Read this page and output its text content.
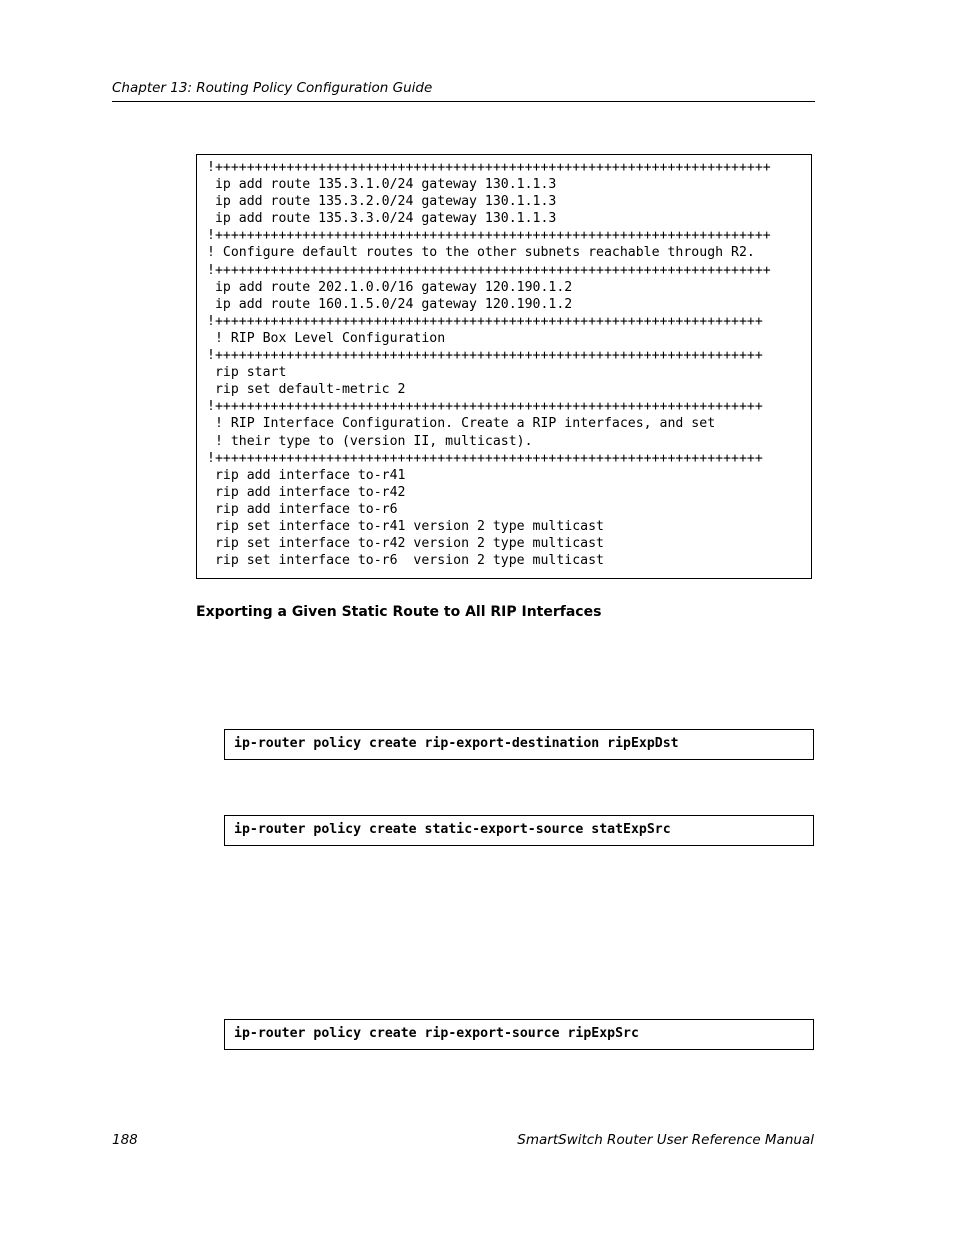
Chapter 13: Routing Policy Configuration Guide
!++++++++++++++++++++++++++++++++++++++++++++++++++++++++++++++++++++++
ip add route 135.3.1.0/24 gateway 130.1.1.3
ip add route 135.3.2.0/24 gateway 130.1.1.3
ip add route 135.3.3.0/24 gateway 130.1.1.3
!++++++++++++++++++++++++++++++++++++++++++++++++++++++++++++++++++++++
! Configure default routes to the other subnets reachable through R2.
!++++++++++++++++++++++++++++++++++++++++++++++++++++++++++++++++++++++
ip add route 202.1.0.0/16 gateway 120.190.1.2
ip add route 160.1.5.0/24 gateway 120.190.1.2
!+++++++++++++++++++++++++++++++++++++++++++++++++++++++++++++++++++++
! RIP Box Level Configuration
!+++++++++++++++++++++++++++++++++++++++++++++++++++++++++++++++++++++
rip start
rip set default-metric 2
!+++++++++++++++++++++++++++++++++++++++++++++++++++++++++++++++++++++
! RIP Interface Configuration. Create a RIP interfaces, and set
! their type to (version II, multicast).
!+++++++++++++++++++++++++++++++++++++++++++++++++++++++++++++++++++++
rip add interface to-r41
rip add interface to-r42
rip add interface to-r6
rip set interface to-r41 version 2 type multicast
rip set interface to-r42 version 2 type multicast
rip set interface to-r6  version 2 type multicast
Exporting a Given Static Route to All RIP Interfaces
ip-router policy create rip-export-destination ripExpDst
ip-router policy create static-export-source statExpSrc
ip-router policy create rip-export-source ripExpSrc
188	SmartSwitch Router User Reference Manual
